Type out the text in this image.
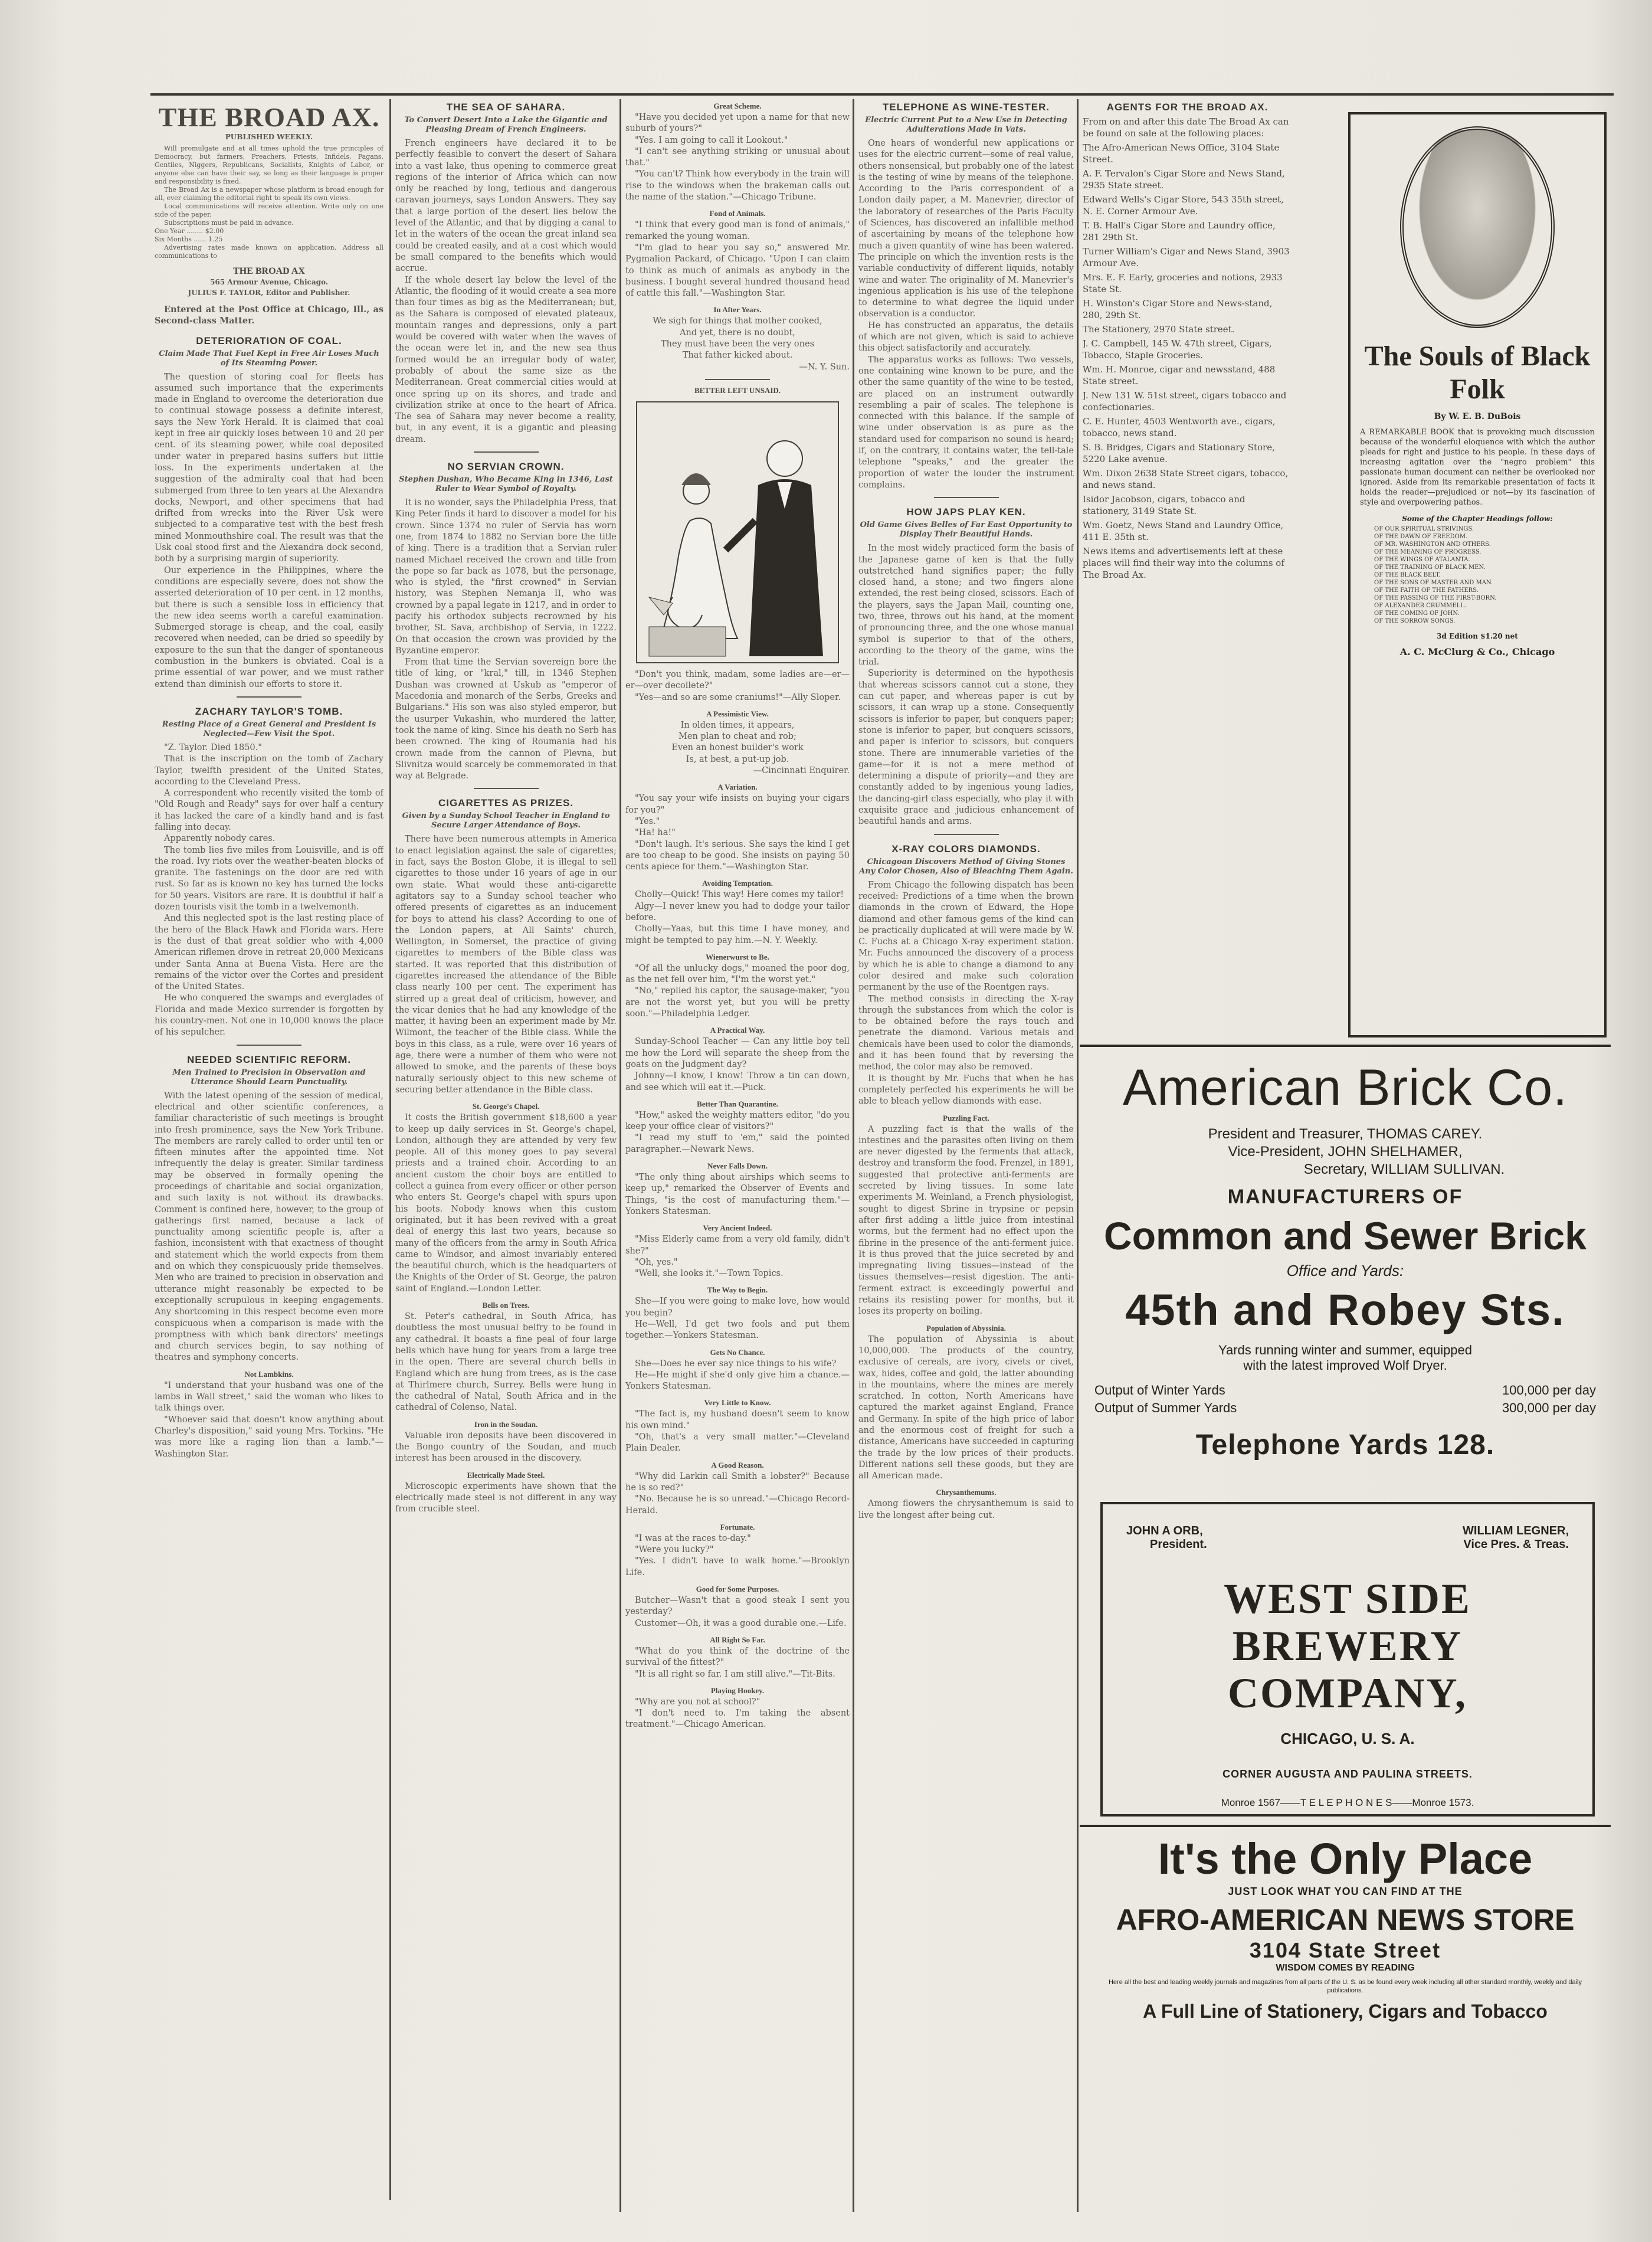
THE BROAD AX.
PUBLISHED WEEKLY.

Will promulgate and at all times uphold the true principles of Democracy, but farmers, Preachers, Priests, Infidels, Pagans, Gentiles, Niggers, Republicans, Socialists, Knights of Labor, or anyone else can have their say, so long as their language is proper and responsibility is fixed.

The Broad Ax is a newspaper whose platform is broad enough for all, ever claiming the editorial right to speak its own views.

Local communications will receive attention. Write only on one side of the paper.

Subscriptions must be paid in advance.

One Year ........ $2.00

Six Months ...... 1.25

Advertising rates made known on application. Address all communications to

THE BROAD AX
565 Armour Avenue, Chicago.
JULIUS F. TAYLOR, Editor and Publisher.

Entered at the Post Office at Chicago, Ill., as Second-class Matter.

DETERIORATION OF COAL.
Claim Made That Fuel Kept in Free Air Loses Much of Its Steaming Power.

The question of storing coal for fleets has assumed such importance that the experiments made in England to overcome the deterioration due to continual stowage possess a definite interest, says the New York Herald. It is claimed that coal kept in free air quickly loses between 10 and 20 per cent. of its steaming power, while coal deposited under water in prepared basins suffers but little loss. In the experiments undertaken at the suggestion of the admiralty coal that had been submerged from three to ten years at the Alexandra docks, Newport, and other specimens that had drifted from wrecks into the River Usk were subjected to a comparative test with the best fresh mined Monmouthshire coal. The result was that the Usk coal stood first and the Alexandra dock second, both by a surprising margin of superiority.

Our experience in the Philippines, where the conditions are especially severe, does not show the asserted deterioration of 10 per cent. in 12 months, but there is such a sensible loss in efficiency that the new idea seems worth a careful examination. Submerged storage is cheap, and the coal, easily recovered when needed, can be dried so speedily by exposure to the sun that the danger of spontaneous combustion in the bunkers is obviated. Coal is a prime essential of war power, and we must rather extend than diminish our efforts to store it.

ZACHARY TAYLOR'S TOMB.
Resting Place of a Great General and President Is Neglected—Few Visit the Spot.

"Z. Taylor. Died 1850."

That is the inscription on the tomb of Zachary Taylor, twelfth president of the United States, according to the Cleveland Press.

A correspondent who recently visited the tomb of "Old Rough and Ready" says for over half a century it has lacked the care of a kindly hand and is fast falling into decay.

Apparently nobody cares.

The tomb lies five miles from Louisville, and is off the road. Ivy riots over the weather-beaten blocks of granite. The fastenings on the door are red with rust. So far as is known no key has turned the locks for 50 years. Visitors are rare. It is doubtful if half a dozen tourists visit the tomb in a twelvemonth.

And this neglected spot is the last resting place of the hero of the Black Hawk and Florida wars. Here is the dust of that great soldier who with 4,000 American riflemen drove in retreat 20,000 Mexicans under Santa Anna at Buena Vista. Here are the remains of the victor over the Cortes and president of the United States.

He who conquered the swamps and everglades of Florida and made Mexico surrender is forgotten by his country-men. Not one in 10,000 knows the place of his sepulcher.

NEEDED SCIENTIFIC REFORM.
Men Trained to Precision in Observation and Utterance Should Learn Punctuality.

With the latest opening of the session of medical, electrical and other scientific conferences, a familiar characteristic of such meetings is brought into fresh prominence, says the New York Tribune. The members are rarely called to order until ten or fifteen minutes after the appointed time. Not infrequently the delay is greater. Similar tardiness may be observed in formally opening the proceedings of charitable and social organization, and such laxity is not without its drawbacks. Comment is confined here, however, to the group of gatherings first named, because a lack of punctuality among scientific people is, after a fashion, inconsistent with that exactness of thought and statement which the world expects from them and on which they conspicuously pride themselves. Men who are trained to precision in observation and utterance might reasonably be expected to be exceptionally scrupulous in keeping engagements. Any shortcoming in this respect become even more conspicuous when a comparison is made with the promptness with which bank directors' meetings and church services begin, to say nothing of theatres and symphony concerts.

Not Lambkins.

"I understand that your husband was one of the lambs in Wall street," said the woman who likes to talk things over.

"Whoever said that doesn't know anything about Charley's disposition," said young Mrs. Torkins. "He was more like a raging lion than a lamb."—Washington Star.

THE SEA OF SAHARA.
To Convert Desert Into a Lake the Gigantic and Pleasing Dream of French Engineers.

French engineers have declared it to be perfectly feasible to convert the desert of Sahara into a vast lake, thus opening to commerce great regions of the interior of Africa which can now only be reached by long, tedious and dangerous caravan journeys, says London Answers. They say that a large portion of the desert lies below the level of the Atlantic, and that by digging a canal to let in the waters of the ocean the great inland sea could be created easily, and at a cost which would be small compared to the benefits which would accrue.

If the whole desert lay below the level of the Atlantic, the flooding of it would create a sea more than four times as big as the Mediterranean; but, as the Sahara is composed of elevated plateaux, mountain ranges and depressions, only a part would be covered with water when the waves of the ocean were let in, and the new sea thus formed would be an irregular body of water, probably of about the same size as the Mediterranean. Great commercial cities would at once spring up on its shores, and trade and civilization strike at once to the heart of Africa. The sea of Sahara may never become a reality, but, in any event, it is a gigantic and pleasing dream.

NO SERVIAN CROWN.
Stephen Dushan, Who Became King in 1346, Last Ruler to Wear Symbol of Royalty.

It is no wonder, says the Philadelphia Press, that King Peter finds it hard to discover a model for his crown. Since 1374 no ruler of Servia has worn one, from 1874 to 1882 no Servian bore the title of king. There is a tradition that a Servian ruler named Michael received the crown and title from the pope so far back as 1078, but the personage, who is styled, the "first crowned" in Servian history, was Stephen Nemanja II, who was crowned by a papal legate in 1217, and in order to pacify his orthodox subjects recrowned by his brother, St. Sava, archbishop of Servia, in 1222. On that occasion the crown was provided by the Byzantine emperor.

From that time the Servian sovereign bore the title of king, or "kral," till, in 1346 Stephen Dushan was crowned at Uskub as "emperor of Macedonia and monarch of the Serbs, Greeks and Bulgarians." His son was also styled emperor, but the usurper Vukashin, who murdered the latter, took the name of king. Since his death no Serb has been crowned. The king of Roumania had his crown made from the cannon of Plevna, but Slivnitza would scarcely be commemorated in that way at Belgrade.

CIGARETTES AS PRIZES.
Given by a Sunday School Teacher in England to Secure Larger Attendance of Boys.

There have been numerous attempts in America to enact legislation against the sale of cigarettes; in fact, says the Boston Globe, it is illegal to sell cigarettes to those under 16 years of age in our own state. What would these anti-cigarette agitators say to a Sunday school teacher who offered presents of cigarettes as an inducement for boys to attend his class? According to one of the London papers, at All Saints' church, Wellington, in Somerset, the practice of giving cigarettes to members of the Bible class was started. It was reported that this distribution of cigarettes increased the attendance of the Bible class nearly 100 per cent. The experiment has stirred up a great deal of criticism, however, and the vicar denies that he had any knowledge of the matter, it having been an experiment made by Mr. Wilmont, the teacher of the Bible class. While the boys in this class, as a rule, were over 16 years of age, there were a number of them who were not allowed to smoke, and the parents of these boys naturally seriously object to this new scheme of securing better attendance in the Bible class.

St. George's Chapel.

It costs the British government $18,600 a year to keep up daily services in St. George's chapel, London, although they are attended by very few people. All of this money goes to pay several priests and a trained choir. According to an ancient custom the choir boys are entitled to collect a guinea from every officer or other person who enters St. George's chapel with spurs upon his boots. Nobody knows when this custom originated, but it has been revived with a great deal of energy this last two years, because so many of the officers from the army in South Africa came to Windsor, and almost invariably entered the beautiful church, which is the headquarters of the Knights of the Order of St. George, the patron saint of England.—London Letter.

Bells on Trees.

St. Peter's cathedral, in South Africa, has doubtless the most unusual belfry to be found in any cathedral. It boasts a fine peal of four large bells which have hung for years from a large tree in the open. There are several church bells in England which are hung from trees, as is the case at Thirlmere church, Surrey. Bells were hung in the cathedral of Natal, South Africa and in the cathedral of Colenso, Natal.

Iron in the Soudan.

Valuable iron deposits have been discovered in the Bongo country of the Soudan, and much interest has been aroused in the discovery.

Electrically Made Steel.

Microscopic experiments have shown that the electrically made steel is not different in any way from crucible steel.

Great Scheme.

"Have you decided yet upon a name for that new suburb of yours?"

"Yes. I am going to call it Lookout."

"I can't see anything striking or unusual about that."

"You can't? Think how everybody in the train will rise to the windows when the brakeman calls out the name of the station."—Chicago Tribune.

Fond of Animals.

"I think that every good man is fond of animals," remarked the young woman.

"I'm glad to hear you say so," answered Mr. Pygmalion Packard, of Chicago. "Upon I can claim to think as much of animals as anybody in the business. I bought several hundred thousand head of cattle this fall."—Washington Star.

In After Years.

We sigh for things that mother cooked,

And yet, there is no doubt,

They must have been the very ones

That father kicked about.

—N. Y. Sun.

BETTER LEFT UNSAID.

"Don't you think, madam, some ladies are—er—er—over decollete?"

"Yes—and so are some craniums!"—Ally Sloper.

A Pessimistic View.

In olden times, it appears,

Men plan to cheat and rob;

Even an honest builder's work

Is, at best, a put-up job.

—Cincinnati Enquirer.

A Variation.

"You say your wife insists on buying your cigars for you?"

"Yes."

"Ha! ha!"

"Don't laugh. It's serious. She says the kind I get are too cheap to be good. She insists on paying 50 cents apiece for them."—Washington Star.

Avoiding Temptation.

Cholly—Quick! This way! Here comes my tailor!

Algy—I never knew you had to dodge your tailor before.

Cholly—Yaas, but this time I have money, and might be tempted to pay him.—N. Y. Weekly.

Wienerwurst to Be.

"Of all the unlucky dogs," moaned the poor dog, as the net fell over him, "I'm the worst yet."

"No," replied his captor, the sausage-maker, "you are not the worst yet, but you will be pretty soon."—Philadelphia Ledger.

A Practical Way.

Sunday-School Teacher — Can any little boy tell me how the Lord will separate the sheep from the goats on the Judgment day?

Johnny—I know, I know! Throw a tin can down, and see which will eat it.—Puck.

Better Than Quarantine.

"How," asked the weighty matters editor, "do you keep your office clear of visitors?"

"I read my stuff to 'em," said the pointed paragrapher.—Newark News.

Never Falls Down.

"The only thing about airships which seems to keep up," remarked the Observer of Events and Things, "is the cost of manufacturing them."—Yonkers Statesman.

Very Ancient Indeed.

"Miss Elderly came from a very old family, didn't she?"

"Oh, yes."

"Well, she looks it."—Town Topics.

The Way to Begin.

She—If you were going to make love, how would you begin?

He—Well, I'd get two fools and put them together.—Yonkers Statesman.

Gets No Chance.

She—Does he ever say nice things to his wife?

He—He might if she'd only give him a chance.—Yonkers Statesman.

Very Little to Know.

"The fact is, my husband doesn't seem to know his own mind."

"Oh, that's a very small matter."—Cleveland Plain Dealer.

A Good Reason.

"Why did Larkin call Smith a lobster?" Because he is so red?"

"No. Because he is so unread."—Chicago Record-Herald.

Fortunate.

"I was at the races to-day."

"Were you lucky?"

"Yes. I didn't have to walk home."—Brooklyn Life.

Good for Some Purposes.

Butcher—Wasn't that a good steak I sent you yesterday?

Customer—Oh, it was a good durable one.—Life.

All Right So Far.

"What do you think of the doctrine of the survival of the fittest?"

"It is all right so far. I am still alive."—Tit-Bits.

Playing Hookey.

"Why are you not at school?"

"I don't need to. I'm taking the absent treatment."—Chicago American.

TELEPHONE AS WINE-TESTER.
Electric Current Put to a New Use in Detecting Adulterations Made in Vats.

One hears of wonderful new applications or uses for the electric current—some of real value, others nonsensical, but probably one of the latest is the testing of wine by means of the telephone. According to the Paris correspondent of a London daily paper, a M. Manevrier, director of the laboratory of researches of the Paris Faculty of Sciences, has discovered an infallible method of ascertaining by means of the telephone how much a given quantity of wine has been watered. The principle on which the invention rests is the variable conductivity of different liquids, notably wine and water. The originality of M. Manevrier's ingenious application is his use of the telephone to determine to what degree the liquid under observation is a conductor.

He has constructed an apparatus, the details of which are not given, which is said to achieve this object satisfactorily and accurately.

The apparatus works as follows: Two vessels, one containing wine known to be pure, and the other the same quantity of the wine to be tested, are placed on an instrument outwardly resembling a pair of scales. The telephone is connected with this balance. If the sample of wine under observation is as pure as the standard used for comparison no sound is heard; if, on the contrary, it contains water, the tell-tale telephone "speaks," and the greater the proportion of water the louder the instrument complains.

HOW JAPS PLAY KEN.
Old Game Gives Belles of Far East Opportunity to Display Their Beautiful Hands.

In the most widely practiced form the basis of the Japanese game of ken is that the fully outstretched hand signifies paper; the fully closed hand, a stone; and two fingers alone extended, the rest being closed, scissors. Each of the players, says the Japan Mail, counting one, two, three, throws out his hand, at the moment of pronouncing three, and the one whose manual symbol is superior to that of the others, according to the theory of the game, wins the trial.

Superiority is determined on the hypothesis that whereas scissors cannot cut a stone, they can cut paper, and whereas paper is cut by scissors, it can wrap up a stone. Consequently scissors is inferior to paper, but conquers paper; stone is inferior to paper, but conquers scissors, and paper is inferior to scissors, but conquers stone. There are innumerable varieties of the game—for it is not a mere method of determining a dispute of priority—and they are constantly added to by ingenious young ladies, the dancing-girl class especially, who play it with exquisite grace and judicious enhancement of beautiful hands and arms.

X-RAY COLORS DIAMONDS.
Chicagoan Discovers Method of Giving Stones Any Color Chosen, Also of Bleaching Them Again.

From Chicago the following dispatch has been received: Predictions of a time when the brown diamonds in the crown of Edward, the Hope diamond and other famous gems of the kind can be practically duplicated at will were made by W. C. Fuchs at a Chicago X-ray experiment station. Mr. Fuchs announced the discovery of a process by which he is able to change a diamond to any color desired and make such coloration permanent by the use of the Roentgen rays.

The method consists in directing the X-ray through the substances from which the color is to be obtained before the rays touch and penetrate the diamond. Various metals and chemicals have been used to color the diamonds, and it has been found that by reversing the method, the color may also be removed.

It is thought by Mr. Fuchs that when he has completely perfected his experiments he will be able to bleach yellow diamonds with ease.

Puzzling Fact.

A puzzling fact is that the walls of the intestines and the parasites often living on them are never digested by the ferments that attack, destroy and transform the food. Frenzel, in 1891, suggested that protective anti-ferments are secreted by living tissues. In some late experiments M. Weinland, a French physiologist, sought to digest Sbrine in trypsine or pepsin after first adding a little juice from intestinal worms, but the ferment had no effect upon the fibrine in the presence of the anti-ferment juice. It is thus proved that the juice secreted by and impregnating living tissues—instead of the tissues themselves—resist digestion. The anti-ferment extract is exceedingly powerful and retains its resisting power for months, but it loses its property on boiling.

Population of Abyssinia.

The population of Abyssinia is about 10,000,000. The products of the country, exclusive of cereals, are ivory, civets or civet, wax, hides, coffee and gold, the latter abounding in the mountains, where the mines are merely scratched. In cotton, North Americans have captured the market against England, France and Germany. In spite of the high price of labor and the enormous cost of freight for such a distance, Americans have succeeded in capturing the trade by the low prices of their products. Different nations sell these goods, but they are all American made.

Chrysanthemums.

Among flowers the chrysanthemum is said to live the longest after being cut.

AGENTS FOR THE BROAD AX.

From on and after this date The Broad Ax can be found on sale at the following places:

The Afro-American News Office, 3104 State Street.

A. F. Tervalon's Cigar Store and News Stand, 2935 State street.

Edward Wells's Cigar Store, 543 35th street, N. E. Corner Armour Ave.

T. B. Hall's Cigar Store and Laundry office, 281 29th St.

Turner William's Cigar and News Stand, 3903 Armour Ave.

Mrs. E. F. Early, groceries and notions, 2933 State St.

H. Winston's Cigar Store and News-stand, 280, 29th St.

The Stationery, 2970 State street.

J. C. Campbell, 145 W. 47th street, Cigars, Tobacco, Staple Groceries.

Wm. H. Monroe, cigar and newsstand, 488 State street.

J. New 131 W. 51st street, cigars tobacco and confectionaries.

C. E. Hunter, 4503 Wentworth ave., cigars, tobacco, news stand.

S. B. Bridges, Cigars and Stationary Store, 5220 Lake avenue.

Wm. Dixon 2638 State Street cigars, tobacco, and news stand.

Isidor Jacobson, cigars, tobacco and stationery, 3149 State St.

Wm. Goetz, News Stand and Laundry Office, 411 E. 35th st.

News items and advertisements left at these places will find their way into the columns of The Broad Ax.

The Souls of Black Folk
By W. E. B. DuBois
A REMARKABLE BOOK that is provoking much discussion because of the wonderful eloquence with which the author pleads for right and justice to his people. In these days of increasing agitation over the "negro problem" this passionate human document can neither be overlooked nor ignored. Aside from its remarkable presentation of facts it holds the reader—prejudiced or not—by its fascination of style and overpowering pathos.
Some of the Chapter Headings follow:
OF OUR SPIRITUAL STRIVINGS.
OF THE DAWN OF FREEDOM.
OF MR. WASHINGTON AND OTHERS.
OF THE MEANING OF PROGRESS.
OF THE WINGS OF ATALANTA.
OF THE TRAINING OF BLACK MEN.
OF THE BLACK BELT.
OF THE SONS OF MASTER AND MAN.
OF THE FAITH OF THE FATHERS.
OF THE PASSING OF THE FIRST-BORN.
OF ALEXANDER CRUMMELL.
OF THE COMING OF JOHN.
OF THE SORROW SONGS.
3d Edition $1.20 net
A. C. McClurg & Co., Chicago
American Brick Co.
President and Treasurer, THOMAS CAREY.
Vice-President, JOHN SHELHAMER,
Secretary, WILLIAM SULLIVAN.
MANUFACTURERS OF
Common and Sewer Brick
Office and Yards:
45th and Robey Sts.
Yards running winter and summer, equipped
with the latest improved Wolf Dryer.
Output of Winter Yards	100,000 per day
Output of Summer Yards	300,000 per day
Telephone Yards 128.
JOHN A ORB,
President.
WILLIAM LEGNER,
Vice Pres. & Treas.
WEST SIDE
BREWERY
COMPANY,
CHICAGO, U. S. A.
CORNER AUGUSTA AND PAULINA STREETS.
Monroe 1567——T E L E P H O N E S——Monroe 1573.
It's the Only Place
JUST LOOK WHAT YOU CAN FIND AT THE
AFRO-AMERICAN NEWS STORE
3104 State Street
WISDOM COMES BY READING
Here all the best and leading weekly journals and magazines from all parts of the U. S. as be found every week including all other standard monthly, weekly and daily publications.
A Full Line of Stationery, Cigars and Tobacco
